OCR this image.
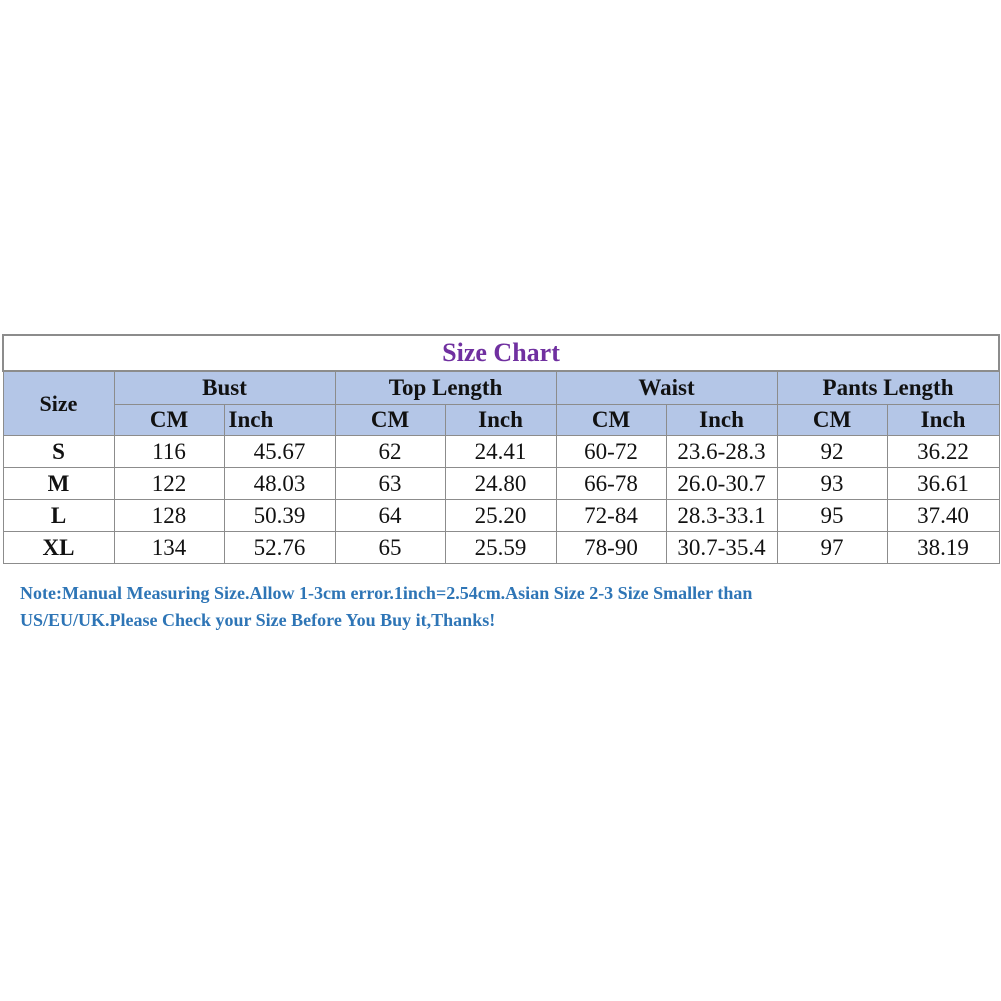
Size Chart								
Size	Bust		Top Length		Waist		Pants Length	
	CM	Inch	CM	Inch	CM	Inch	CM	Inch
S	116	45.67	62	24.41	60-72	23.6-28.3	92	36.22
M	122	48.03	63	24.80	66-78	26.0-30.7	93	36.61
L	128	50.39	64	25.20	72-84	28.3-33.1	95	37.40
XL	134	52.76	65	25.59	78-90	30.7-35.4	97	38.19
Note:Manual Measuring Size.Allow 1-3cm error.1inch=2.54cm.Asian Size 2-3 Size Smaller than
US/EU/UK.Please Check your Size Before You Buy it,Thanks!
